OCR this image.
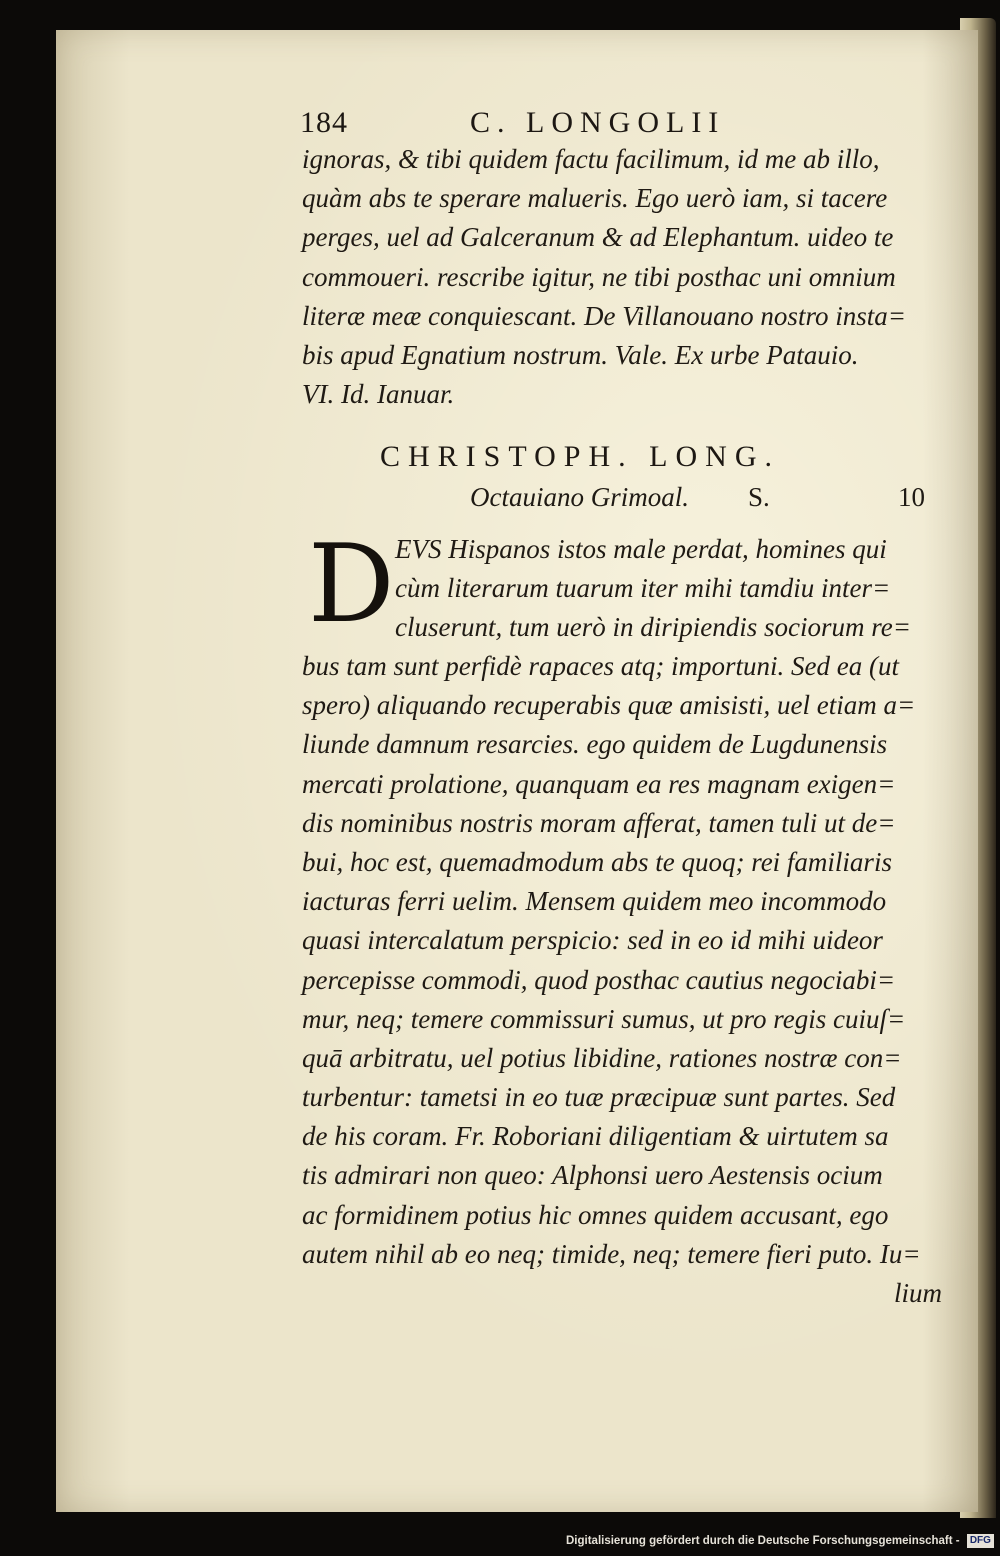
184	C. LONGOLII
ignoras, & tibi quidem factu facilimum, id me ab illo,
quàm abs te sperare malueris. Ego uerò iam, si tacere
perges, uel ad Galceranum & ad Elephantum. uideo te
commoueri. rescribe igitur, ne tibi posthac uni omnium
literæ meæ conquiescant. De Villanouano nostro insta=
bis apud Egnatium nostrum. Vale. Ex urbe Patauio.
VI. Id. Ianuar.
CHRISTOPH. LONG.
Octauiano Grimoal. S.	10
D EVS Hispanos istos male perdat, homines qui
cùm literarum tuarum iter mihi tamdiu inter=
cluserunt, tum uerò in diripiendis sociorum re=
bus tam sunt perfidè rapaces atq; importuni. Sed ea (ut
spero) aliquando recuperabis quæ amisisti, uel etiam a=
liunde damnum resarcies. ego quidem de Lugdunensis
mercati prolatione, quanquam ea res magnam exigen=
dis nominibus nostris moram afferat, tamen tuli ut de=
bui, hoc est, quemadmodum abs te quoq; rei familiaris
iacturas ferri uelim. Mensem quidem meo incommodo
quasi intercalatum perspicio: sed in eo id mihi uideor
percepisse commodi, quod posthac cautius negociabi=
mur, neq; temere commissuri sumus, ut pro regis cuiuſ=
quā arbitratu, uel potius libidine, rationes nostræ con=
turbentur: tametsi in eo tuæ præcipuæ sunt partes. Sed
de his coram. Fr. Roboriani diligentiam & uirtutem sa
tis admirari non queo: Alphonsi uero Aestensis ocium
ac formidinem potius hic omnes quidem accusant, ego
autem nihil ab eo neq; timide, neq; temere fieri puto. Iu=
lium
Digitalisierung gefördert durch die Deutsche Forschungsgemeinschaft - DFG
